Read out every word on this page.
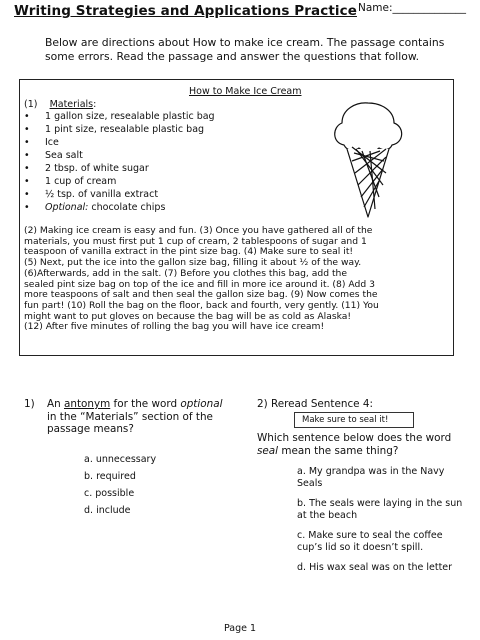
Writing Strategies and Applications Practice Name:______________
Below are directions about How to make ice cream. The passage contains some errors. Read the passage and answer the questions that follow.
How to Make Ice Cream
(1) Materials:
• 1 gallon size, resealable plastic bag
• 1 pint size, resealable plastic bag
• Ice
• Sea salt
• 2 tbsp. of white sugar
• 1 cup of cream
• ½ tsp. of vanilla extract
• Optional: chocolate chips

(2) Making ice cream is easy and fun. (3) Once you have gathered all of the

materials, you must first put 1 cup of cream, 2 tablespoons of sugar and 1

teaspoon of vanilla extract in the pint size bag. (4) Make sure to seal it!

(5) Next, put the ice into the gallon size bag, filling it about ½ of the way.

(6)Afterwards, add in the salt. (7) Before you clothes this bag, add the

sealed pint size bag on top of the ice and fill in more ice around it. (8) Add 3

more teaspoons of salt and then seal the gallon size bag. (9) Now comes the

fun part! (10) Roll the bag on the floor, back and fourth, very gently. (11) You

might want to put gloves on because the bag will be as cold as Alaska!

(12) After five minutes of rolling the bag you will have ice cream!

1) An antonym for the word optional in the “Materials” section of the passage means?
a. unnecessary
b. required
c. possible
d. include
2) Reread Sentence 4:
Make sure to seal it!
Which sentence below does the word seal mean the same thing?
a. My grandpa was in the Navy Seals
b. The seals were laying in the sun at the beach
c. Make sure to seal the coffee cup’s lid so it doesn’t spill.
d. His wax seal was on the letter
Page 1
